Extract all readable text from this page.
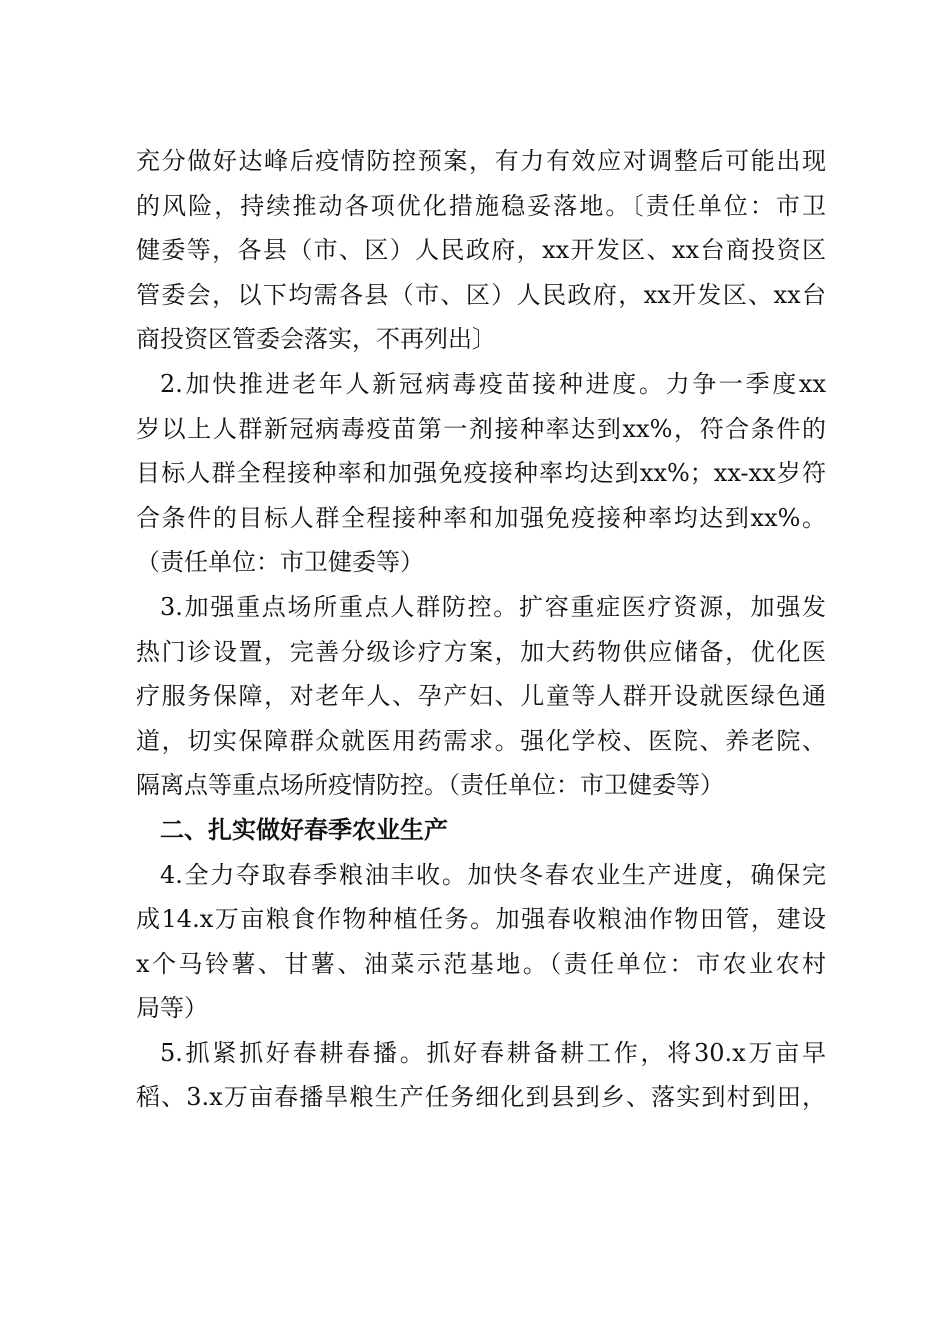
充分做好达峰后疫情防控预案，有力有效应对调整后可能出现
的风险，持续推动各项优化措施稳妥落地。〔责任单位：市卫
健委等，各县（市、区）人民政府，xx开发区、xx台商投资区
管委会，以下均需各县（市、区）人民政府，xx开发区、xx台
商投资区管委会落实，不再列出〕
2.加快推进老年人新冠病毒疫苗接种进度。力争一季度xx
岁以上人群新冠病毒疫苗第一剂接种率达到xx%，符合条件的
目标人群全程接种率和加强免疫接种率均达到xx%；xx-xx岁符
合条件的目标人群全程接种率和加强免疫接种率均达到xx%。
（责任单位：市卫健委等）
3.加强重点场所重点人群防控。扩容重症医疗资源，加强发
热门诊设置，完善分级诊疗方案，加大药物供应储备，优化医
疗服务保障，对老年人、孕产妇、儿童等人群开设就医绿色通
道，切实保障群众就医用药需求。强化学校、医院、养老院、
隔离点等重点场所疫情防控。（责任单位：市卫健委等）
二、扎实做好春季农业生产
4.全力夺取春季粮油丰收。加快冬春农业生产进度，确保完
成14.x万亩粮食作物种植任务。加强春收粮油作物田管，建设
x个马铃薯、甘薯、油菜示范基地。（责任单位：市农业农村
局等）
5.抓紧抓好春耕春播。抓好春耕备耕工作，将30.x万亩早
稻、3.x万亩春播旱粮生产任务细化到县到乡、落实到村到田，
